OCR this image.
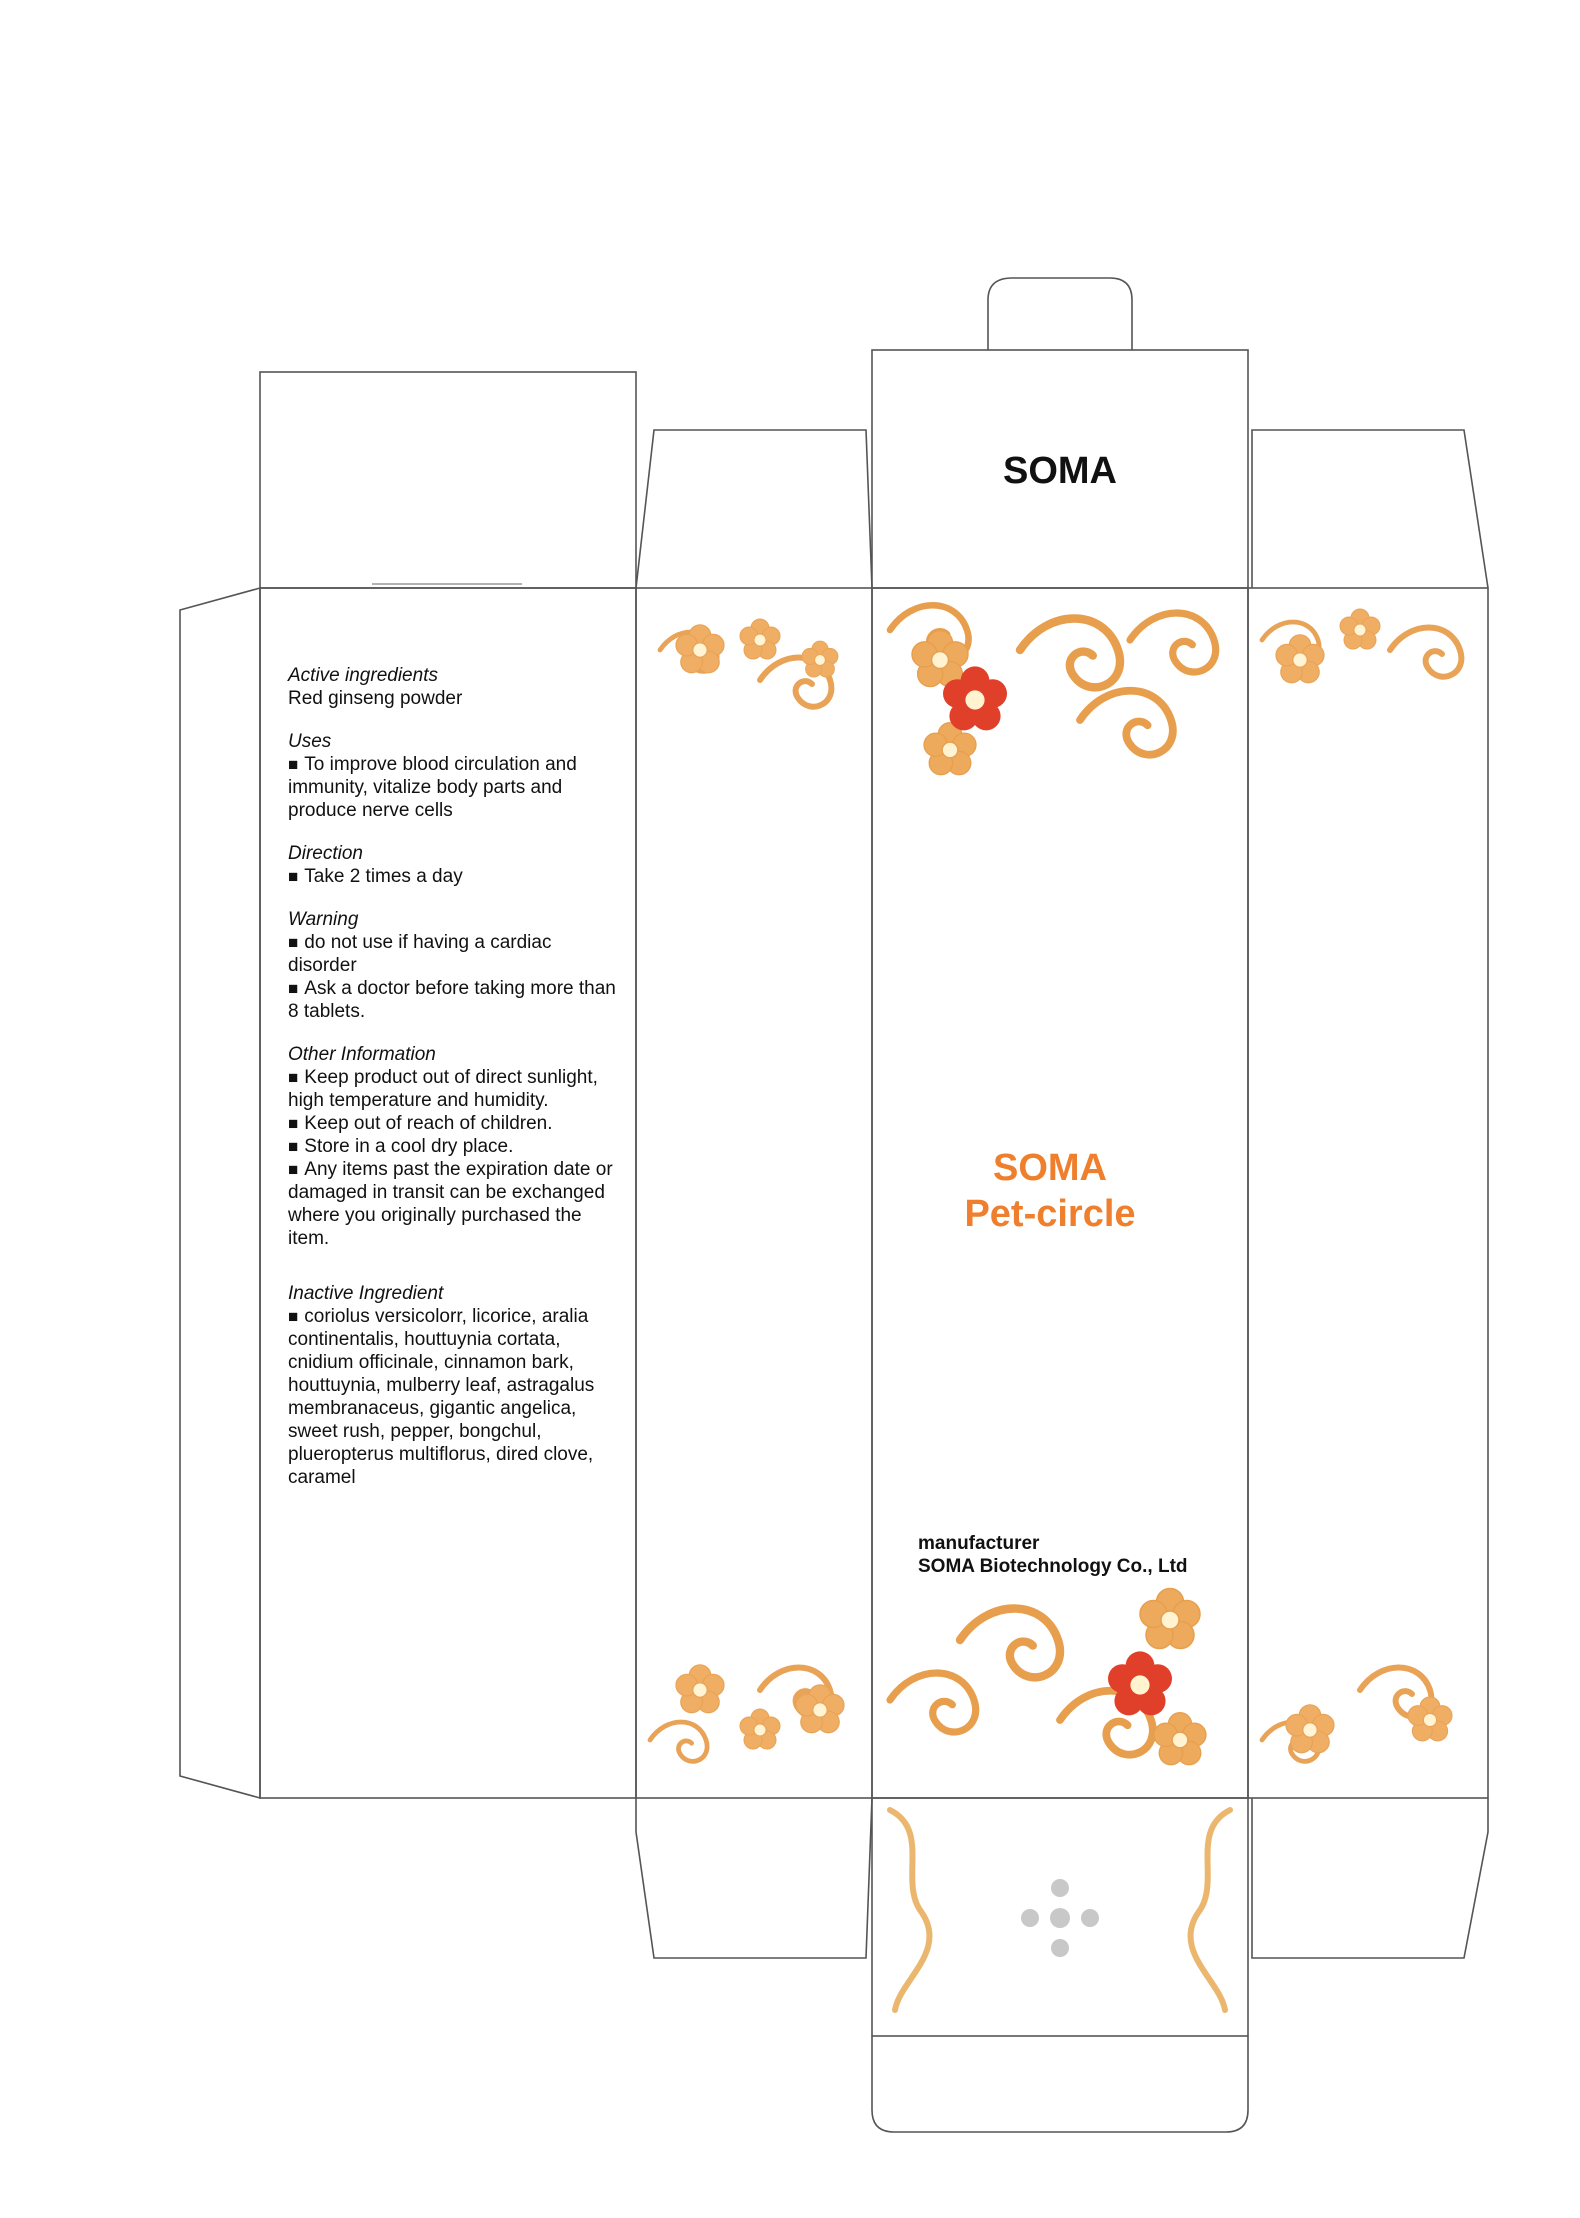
SOMA

Active ingredients

Red ginseng powder

Uses

■ To improve blood circulation and immunity, vitalize body parts and produce nerve cells

Direction

■ Take 2 times a day

Warning

■ do not use if having a cardiac disorder

■ Ask a doctor before taking more than 8 tablets.

Other Information

■ Keep product out of direct sunlight, high temperature and humidity.

■ Keep out of reach of children.

■ Store in a cool dry place.

■ Any items past the expiration date or damaged in transit can be exchanged where you originally purchased the item.

Inactive Ingredient

■ coriolus versicolorr, licorice, aralia continentalis, houttuynia cortata, cnidium officinale, cinnamon bark, houttuynia, mulberry leaf, astragalus membranaceus, gigantic angelica, sweet rush, pepper, bongchul, plueropterus multiflorus, dired clove, caramel

SOMA
Pet-circle
manufacturer
SOMA Biotechnology Co., Ltd
